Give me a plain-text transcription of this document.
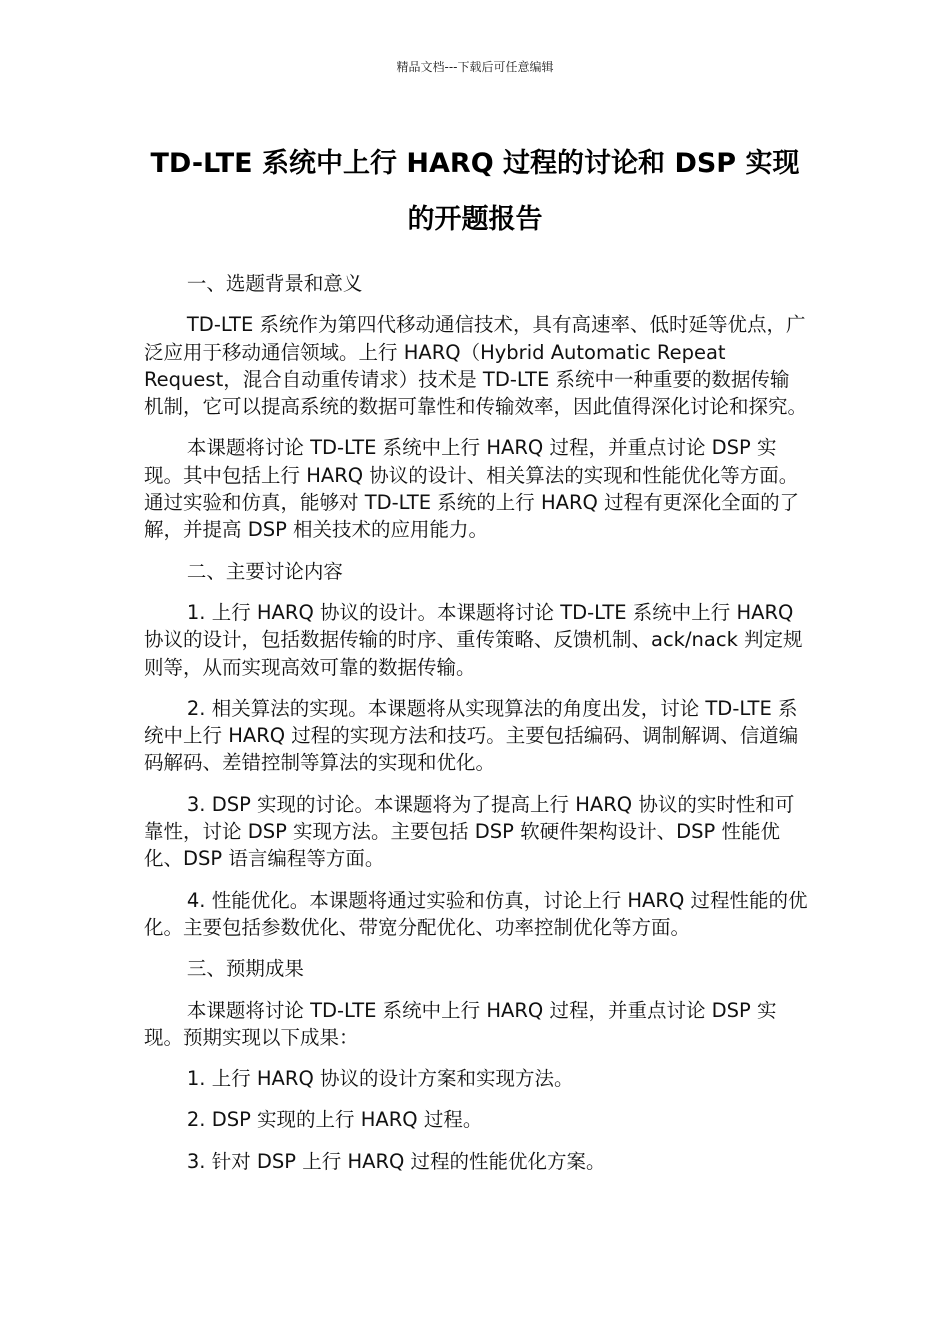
精品文档---下载后可任意编辑
TD-LTE 系统中上行 HARQ 过程的讨论和 DSP 实现
的开题报告

一、选题背景和意义

TD-LTE 系统作为第四代移动通信技术，具有高速率、低时延等优点，广泛应用于移动通信领域。上行 HARQ（Hybrid Automatic Repeat Request，混合自动重传请求）技术是 TD-LTE 系统中一种重要的数据传输机制，它可以提高系统的数据可靠性和传输效率，因此值得深化讨论和探究。

本课题将讨论 TD-LTE 系统中上行 HARQ 过程，并重点讨论 DSP 实现。其中包括上行 HARQ 协议的设计、相关算法的实现和性能优化等方面。通过实验和仿真，能够对 TD-LTE 系统的上行 HARQ 过程有更深化全面的了解，并提高 DSP 相关技术的应用能力。

二、主要讨论内容

1. 上行 HARQ 协议的设计。本课题将讨论 TD-LTE 系统中上行 HARQ 协议的设计，包括数据传输的时序、重传策略、反馈机制、ack/nack 判定规则等，从而实现高效可靠的数据传输。

2. 相关算法的实现。本课题将从实现算法的角度出发，讨论 TD-LTE 系统中上行 HARQ 过程的实现方法和技巧。主要包括编码、调制解调、信道编码解码、差错控制等算法的实现和优化。

3. DSP 实现的讨论。本课题将为了提高上行 HARQ 协议的实时性和可靠性，讨论 DSP 实现方法。主要包括 DSP 软硬件架构设计、DSP 性能优化、DSP 语言编程等方面。

4. 性能优化。本课题将通过实验和仿真，讨论上行 HARQ 过程性能的优化。主要包括参数优化、带宽分配优化、功率控制优化等方面。

三、预期成果

本课题将讨论 TD-LTE 系统中上行 HARQ 过程，并重点讨论 DSP 实现。预期实现以下成果：

1. 上行 HARQ 协议的设计方案和实现方法。

2. DSP 实现的上行 HARQ 过程。

3. 针对 DSP 上行 HARQ 过程的性能优化方案。
